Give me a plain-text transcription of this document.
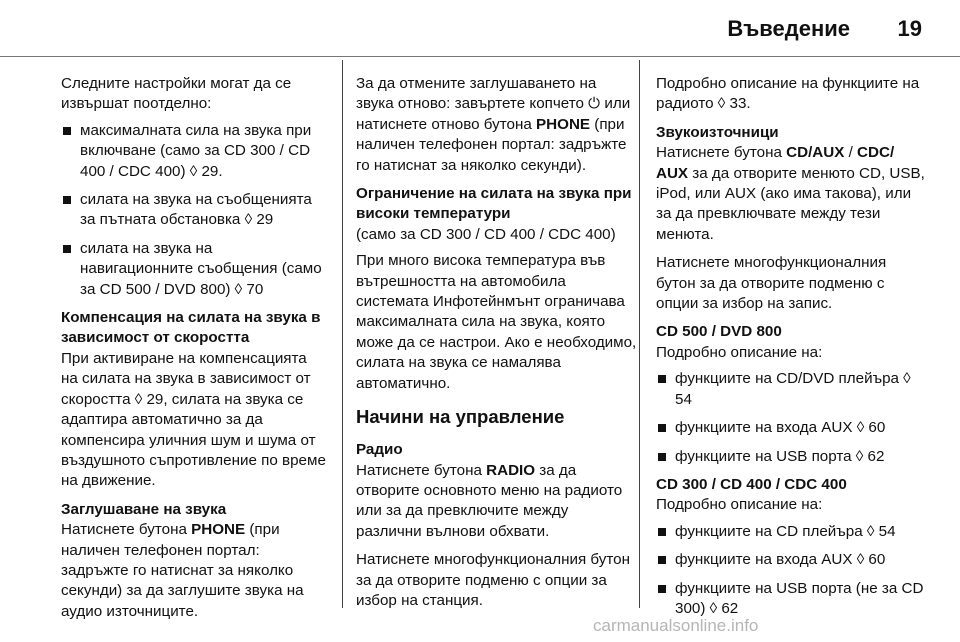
Въведение 19

Следните настройки могат да се извършат поотделно:

максималната сила на звука при включване (само за CD 300 / CD 400 / CDC 400) ◊ 29.
силата на звука на съобщенията за пътната обстановка ◊ 29
силата на звука на навигационните съобщения (само за CD 500 / DVD 800) ◊ 70
Компенсация на силата на звука в зависимост от скоростта

При активиране на компенсацията на силата на звука в зависимост от скоростта ◊ 29, силата на звука се адаптира автоматично за да компенсира уличния шум и шума от въздушното съпротивление по време на движение.

Заглушаване на звука

Натиснете бутона PHONE (при наличен телефонен портал: задръжте го натиснат за няколко секунди) за да заглушите звука на аудио източниците.

За да отмените заглушаването на звука отново: завъртете копчето ⏻ или натиснете отново бутона PHONE (при наличен телефонен портал: задръжте го натиснат за няколко секунди).

Ограничение на силата на звука при високи температури

(само за CD 300 / CD 400 / CDC 400)

При много висока температура във вътрешността на автомобила системата Инфотейнмънт ограничава максималната сила на звука, която може да се настрои. Ако е необходимо, силата на звука се намалява автоматично.

Начини на управление
Радио

Натиснете бутона RADIO за да отворите основното меню на радиото или за да превключите между различни вълнови обхвати.

Натиснете многофункционалния бутон за да отворите подменю с опции за избор на станция.

Подробно описание на функциите на радиото ◊ 33.

Звукоизточници

Натиснете бутона CD/AUX / CDC/ AUX за да отворите менюто CD, USB, iPod, или AUX (ако има такова), или за да превключвате между тези менюта.

Натиснете многофункционалния бутон за да отворите подменю с опции за избор на запис.

CD 500 / DVD 800

Подробно описание на:

функциите на CD/DVD плейъра ◊ 54
функциите на входа AUX ◊ 60
функциите на USB порта ◊ 62
CD 300 / CD 400 / CDC 400

Подробно описание на:

функциите на CD плейъра ◊ 54
функциите на входа AUX ◊ 60
функциите на USB порта (не за CD 300) ◊ 62
carmanualsonline.info
